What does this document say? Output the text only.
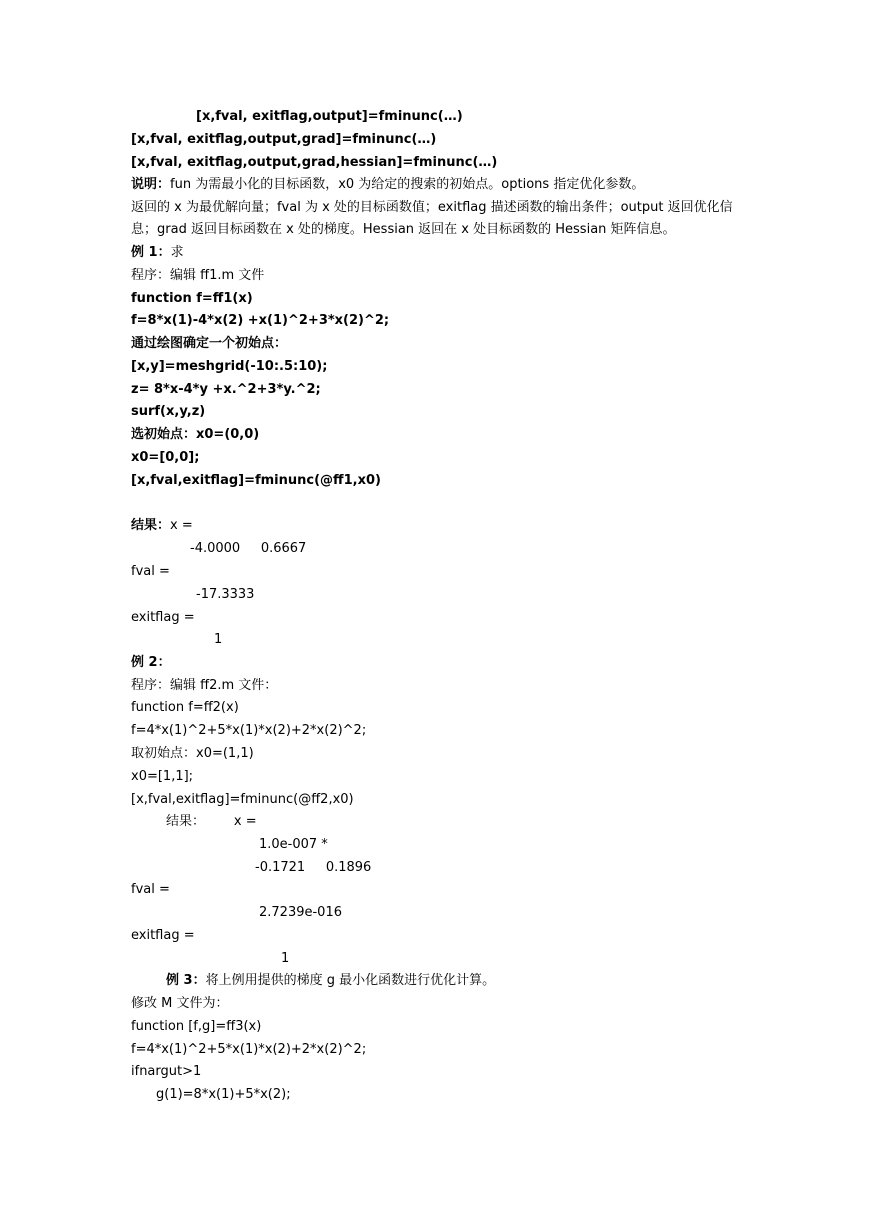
[x,fval, exitflag,output]=fminunc(…)
[x,fval, exitflag,output,grad]=fminunc(…)
[x,fval, exitflag,output,grad,hessian]=fminunc(…)
说明：fun 为需最小化的目标函数，x0 为给定的搜索的初始点。options 指定优化参数。
返回的 x 为最优解向量；fval 为 x 处的目标函数值；exitflag 描述函数的输出条件；output 返回优化信
息；grad 返回目标函数在 x 处的梯度。Hessian 返回在 x 处目标函数的 Hessian 矩阵信息。
例 1：求
程序：编辑 ff1.m 文件
function f=ff1(x)
f=8*x(1)-4*x(2) +x(1)^2+3*x(2)^2;
通过绘图确定一个初始点：
[x,y]=meshgrid(-10:.5:10);
z= 8*x-4*y +x.^2+3*y.^2;
surf(x,y,z)
选初始点：x0=(0,0)
x0=[0,0];
[x,fval,exitflag]=fminunc(@ff1,x0)
结果：x =
-4.0000     0.6667
fval =
-17.3333
exitflag =
1
例 2：
程序：编辑 ff2.m 文件：
function f=ff2(x)
f=4*x(1)^2+5*x(1)*x(2)+2*x(2)^2;
取初始点：x0=(1,1)
x0=[1,1];
[x,fval,exitflag]=fminunc(@ff2,x0)
结果：       x =
1.0e-007 *
-0.1721     0.1896
fval =
2.7239e-016
exitflag =
1
例 3：将上例用提供的梯度 g 最小化函数进行优化计算。
修改 M 文件为：
function [f,g]=ff3(x)
f=4*x(1)^2+5*x(1)*x(2)+2*x(2)^2;
ifnargut>1
g(1)=8*x(1)+5*x(2);
